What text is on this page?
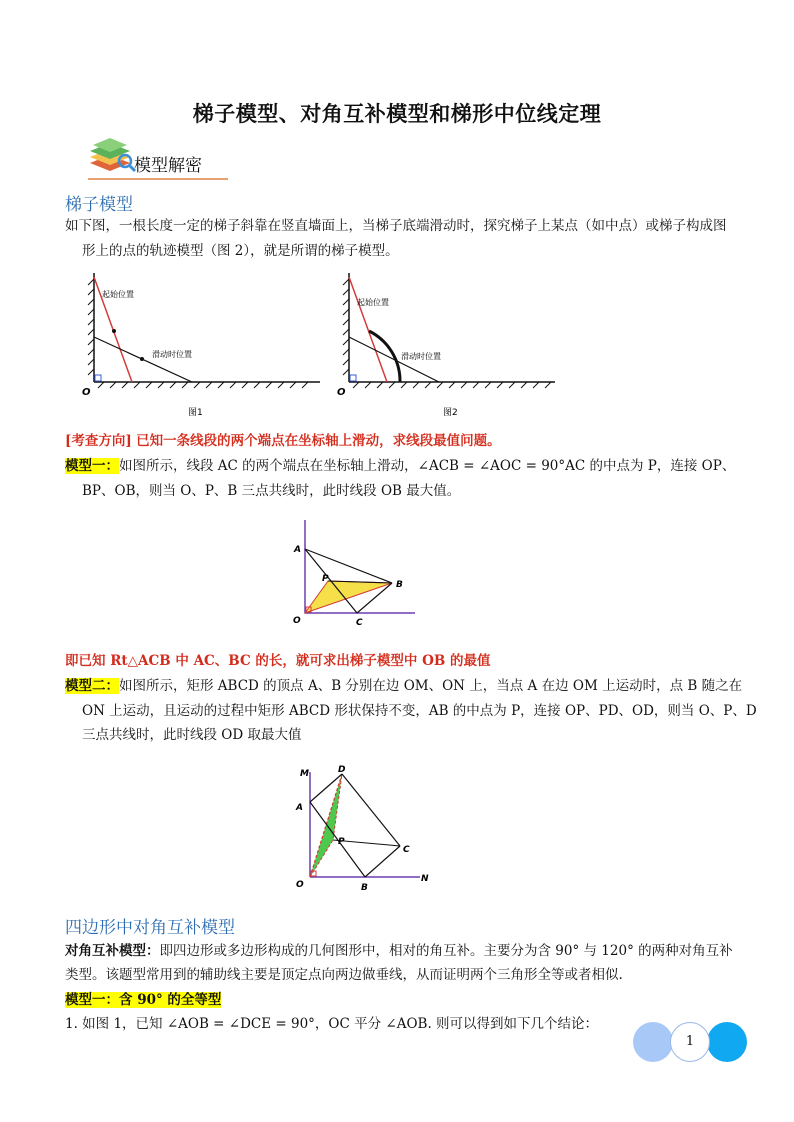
梯子模型、对角互补模型和梯形中位线定理
模型解密
梯子模型
如下图，一根长度一定的梯子斜靠在竖直墙面上，当梯子底端滑动时，探究梯子上某点（如中点）或梯子构成图
形上的点的轨迹模型（图 2），就是所谓的梯子模型。
起始位置
滑动时位置
O
图1
起始位置
滑动时位置
O
图2
[考查方向] 已知一条线段的两个端点在坐标轴上滑动，求线段最值问题。
模型一：如图所示，线段 AC 的两个端点在坐标轴上滑动，∠ACB = ∠AOC = 90°AC 的中点为 P，连接 OP、
BP、OB，则当 O、P、B 三点共线时，此时线段 OB 最大值。
A
B
C
O
P
即已知 Rt△ACB 中 AC、BC 的长，就可求出梯子模型中 OB 的最值
模型二：如图所示，矩形 ABCD 的顶点 A、B 分别在边 OM、ON 上，当点 A 在边 OM 上运动时，点 B 随之在
ON 上运动，且运动的过程中矩形 ABCD 形状保持不变，AB 的中点为 P，连接 OP、PD、OD，则当 O、P、D
三点共线时，此时线段 OD 取最大值
M	D
A
P
C
O	B
N
四边形中对角互补模型
对角互补模型：即四边形或多边形构成的几何图形中，相对的角互补。主要分为含 90° 与 120° 的两种对角互补
类型。该题型常用到的辅助线主要是顶定点向两边做垂线，从而证明两个三角形全等或者相似.
模型一：含 90° 的全等型
1. 如图 1，已知 ∠AOB = ∠DCE = 90°，OC 平分 ∠AOB. 则可以得到如下几个结论：
1
